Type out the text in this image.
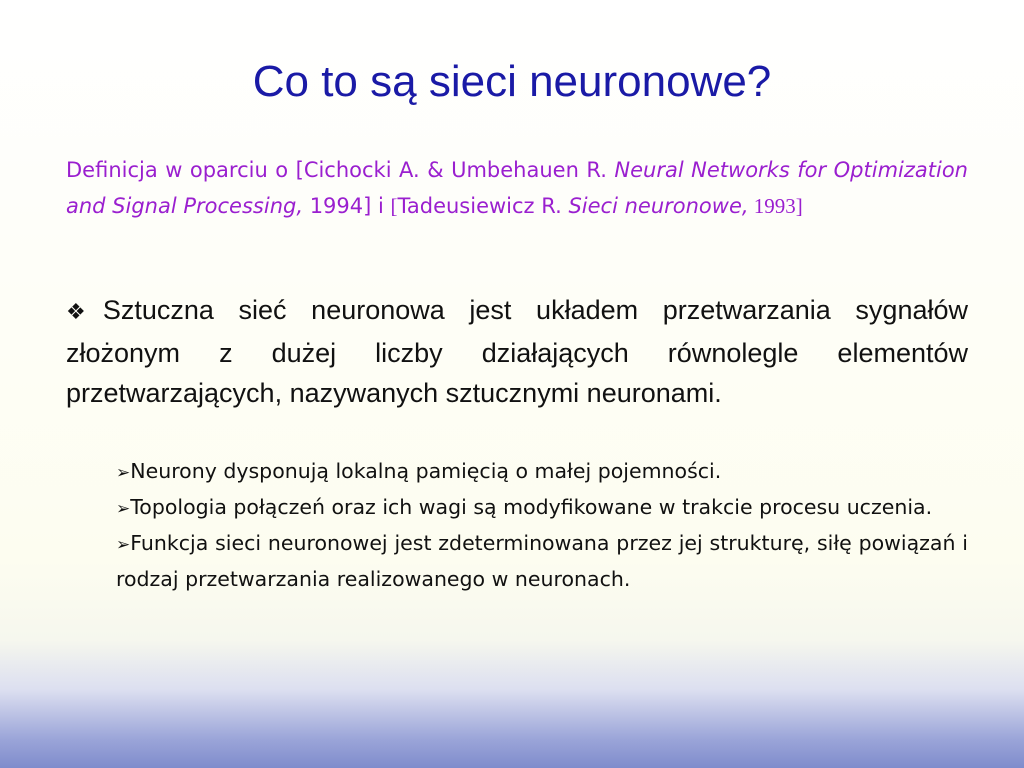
Co to są sieci neuronowe?
Definicja w oparciu o [Cichocki A. & Umbehauen R. Neural Networks for Optimization and Signal Processing, 1994] i [Tadeusiewicz R. Sieci neuronowe, 1993]
❖Sztuczna sieć neuronowa jest układem przetwarzania sygnałów złożonym z dużej liczby działających równolegle elementów przetwarzających, nazywanych sztucznymi neuronami.
➢Neurony dysponują lokalną pamięcią o małej pojemności.
➢Topologia połączeń oraz ich wagi są modyfikowane w trakcie procesu uczenia.
➢Funkcja sieci neuronowej jest zdeterminowana przez jej strukturę, siłę powiązań i rodzaj przetwarzania realizowanego w neuronach.
